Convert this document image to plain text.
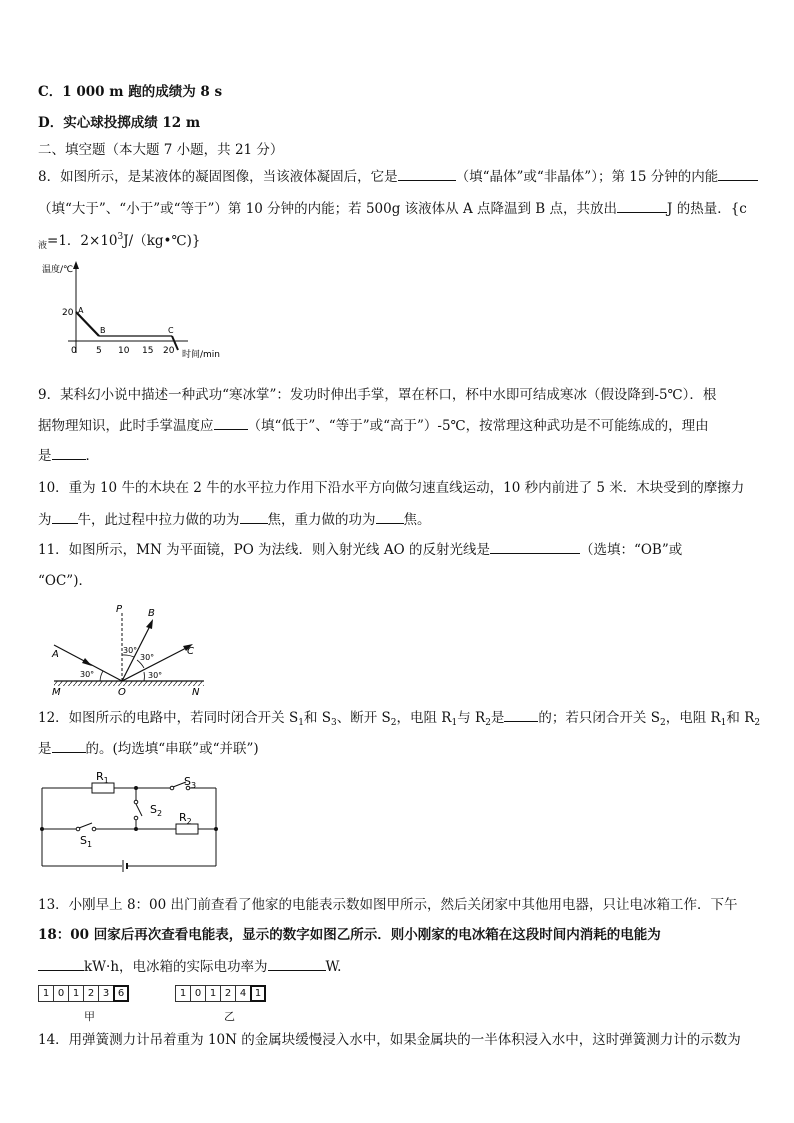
C．1 000 m 跑的成绩为 8 s
D．实心球投掷成绩 12 m
二、填空题（本大题 7 小题，共 21 分）
8．如图所示，是某液体的凝固图像，当该液体凝固后，它是	（填“晶体”或“非晶体”）；第 15 分钟的内能
（填“大于”、“小于”或“等于”）第 10 分钟的内能；若 500g 该液体从 A 点降温到 B 点，共放出	J 的热量．{c
$_液$=1．$2\times 10^3J/(kg•℃)$}
温度/℃
时间/min
20
0 5 10 15 20
A
B	C
9．某科幻小说中描述一种武功“寒冰掌”：发功时伸出手掌，罩在杯口，杯中水即可结成寒冰（假设降到-5℃）．根
据物理知识，此时手掌温度应	（填“低于”、“等于”或“高于”）-5℃，按常理这种武功是不可能练成的，理由
是	．
10．重为 10 牛的木块在 2 牛的水平拉力作用下沿水平方向做匀速直线运动，10 秒内前进了 5 米．木块受到的摩擦力
为 牛，此过程中拉力做的功为 焦，重力做的功为 焦。
11．如图所示，MN 为平面镜，PO 为法线．则入射光线 AO 的反射光线是	（选填：“OB”或
“OC”)．
P	B
C
A
M	O	N
30°
30°
30°
30°
12．如图所示的电路中，若同时闭合开关 $S_1$和 $S_3$、断开 $S_2$，电阻 $R_1$与 $R_2$是	的；若只闭合开关 $S_2$，电阻 $R_1$和 $R_2$
是	的。(均选填“串联”或“并联”)
$R_1$
$R_2$
$S_3$
$S_2$
$S_1$
13．小刚早上 8：00 出门前查看了他家的电能表示数如图甲所示，然后关闭家中其他用电器，只让电冰箱工作．下午
18：00 回家后再次查看电能表，显示的数字如图乙所示．则小刚家的电冰箱在这段时间内消耗的电能为
kW·h，电冰箱的实际电功率为	W.
1 0 1 2 3 6	1 0 1 2 4 1
甲	乙
14．用弹簧测力计吊着重为 10N 的金属块缓慢浸入水中，如果金属块的一半体积浸入水中，这时弹簧测力计的示数为
